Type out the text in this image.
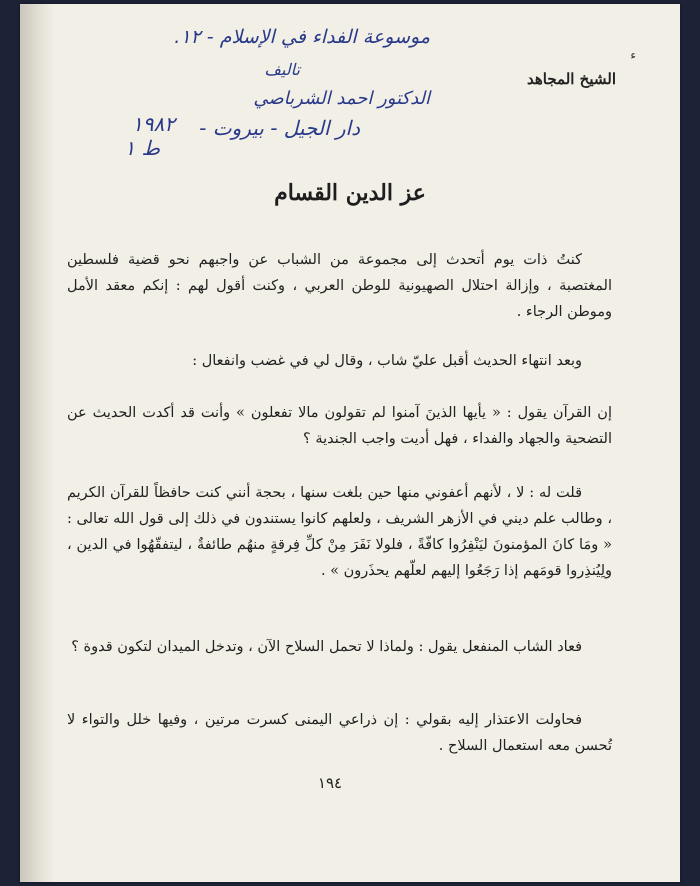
موسوعة الفداء في الإسلام - ١٢.
تاليف
الدكتور احمد الشرباصي
دار الجيل - بيروت -
١٩٨٢
ط ١
ء
الشيخ المجاهد
عز الدين القسام
كنتُ ذات يوم أتحدث إلى مجموعة من الشباب عن واجبهم نحو قضية فلسطين المغتصبة ، وإزالة احتلال الصهيونية للوطن العربي ، وكنت أقول لهم : إنكم معقد الأمل وموطن الرجاء .
وبعد انتهاء الحديث أقبل عليّ شاب ، وقال لي في غضب وانفعال :
إن القرآن يقول : « يأيها الذينَ آمنوا لم تقولون مالا تفعلون » وأنت قد أكدت الحديث عن التضحية والجهاد والفداء ، فهل أديت واجب الجندية ؟
قلت له : لا ، لأنهم أعفوني منها حين بلغت سنها ، بحجة أنني كنت حافظاً للقرآن الكريم ، وطالب علم ديني في الأزهر الشريف ، ولعلهم كانوا يستندون في ذلك إلى قول الله تعالى : « ومَا كانَ المؤمنونَ ليَنْفِرُوا كافّةً ، فلولا نَفَرَ مِنْ كلِّ فِرقةٍ منهُم طائفةٌ ، ليتفقّهُوا في الدين ، ولِيُنذِروا قومَهم إذا رَجَعُوا إليهم لعلّهم يحذَرون » .
فعاد الشاب المنفعل يقول : ولماذا لا تحمل السلاح الآن ، وتدخل الميدان لتكون قدوة ؟
فحاولت الاعتذار إليه بقولي : إن ذراعي اليمنى كسرت مرتين ، وفيها خلل والتواء لا تُحسن معه استعمال السلاح .
١٩٤
